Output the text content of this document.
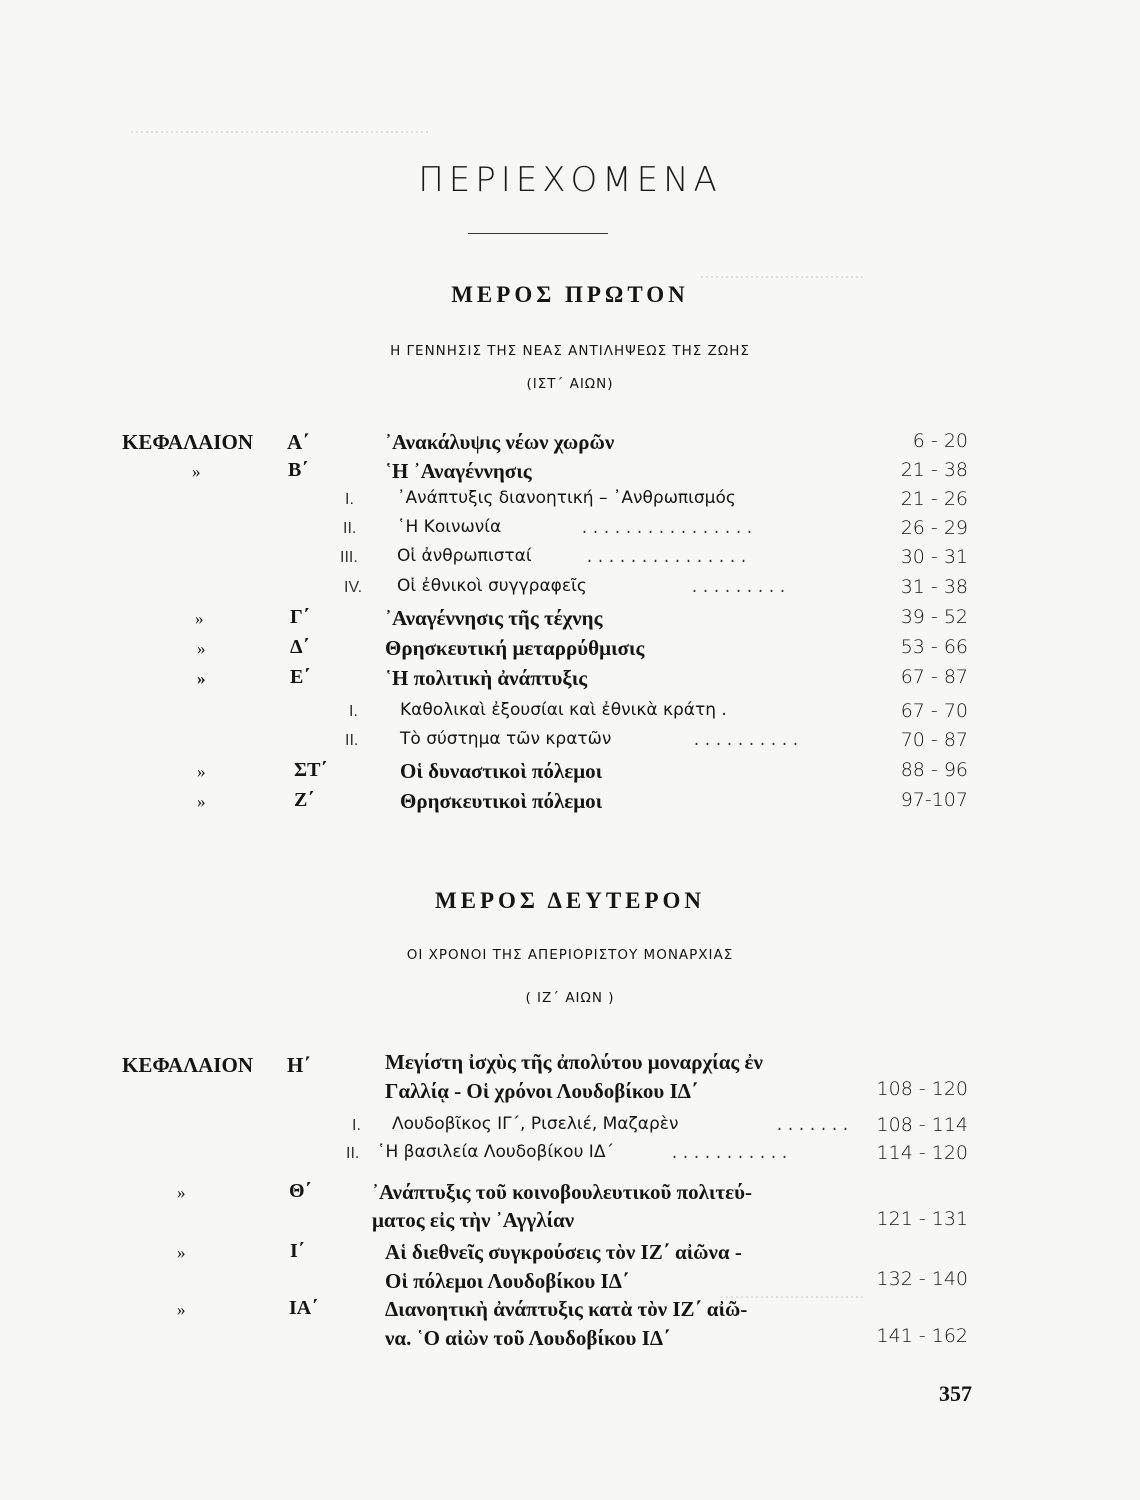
............................................................
.................................
.............................
ΠΕΡΙΕΧΟΜΕΝΑ
ΜΕΡΟΣ ΠΡΩΤΟΝ
Η ΓΕΝΝΗΣΙΣ ΤΗΣ ΝΕΑΣ ΑΝΤΙΛΗΨΕΩΣ ΤΗΣ ΖΩΗΣ
(ΙΣΤ΄ ΑΙΩΝ)
ΚΕΦΑΛΑΙΟΝ Α΄	᾿Ανακάλυψις νέων χωρῶν	6 - 20
»	Β΄	῾Η ᾿Αναγέννησις	21 - 38
Ι.	᾿Ανάπτυξις διανοητική – ᾿Ανθρωπισμός	21 - 26
ΙΙ. ῾Η Κοινωνία	................	26 - 29
ΙΙΙ. Οἱ ἀνθρωπισταί	...............	30 - 31
ΙV. Οἱ ἐθνικοὶ συγγραφεῖς	.........	31 - 38
»	Γ΄	᾿Αναγέννησις τῆς τέχνης	39 - 52
»	Δ΄	Θρησκευτική μεταρρύθμισις	53 - 66
»	Ε΄	῾Η πολιτικὴ ἀνάπτυξις	67 - 87
Ι. Καθολικαὶ ἐξουσίαι καὶ ἐθνικὰ κράτη .	67 - 70
ΙΙ. Τὸ σύστημα τῶν κρατῶν	..........	70 - 87
»	ΣΤ΄	Οἱ δυναστικοὶ πόλεμοι	88 - 96
»	Ζ΄	Θρησκευτικοὶ πόλεμοι	97-107
ΜΕΡΟΣ ΔΕΥΤΕΡΟΝ
ΟΙ ΧΡΟΝΟΙ ΤΗΣ ΑΠΕΡΙΟΡΙΣΤΟΥ ΜΟΝΑΡΧΙΑΣ
( ΙΖ΄ ΑΙΩΝ )
ΚΕΦΑΛΑΙΟΝ Η΄	Μεγίστη ἰσχὺς τῆς ἀπολύτου μοναρχίας ἐν
Γαλλίᾳ - Οἱ χρόνοι Λουδοβίκου ΙΔ΄	108 - 120
Ι. Λουδοβῖκος ΙΓ΄, Ρισελιέ, Μαζαρὲν	....... 108 - 114
ΙΙ. ῾Η βασιλεία Λουδοβίκου ΙΔ΄	...........	114 - 120
»	Θ΄	᾿Ανάπτυξις τοῦ κοινοβουλευτικοῦ πολιτεύ-
ματος εἰς τὴν ᾿Αγγλίαν	121 - 131
»	Ι΄	Αἱ διεθνεῖς συγκρούσεις τὸν ΙΖ΄ αἰῶνα -
Οἱ πόλεμοι Λουδοβίκου ΙΔ΄	132 - 140
»	ΙΑ΄	Διανοητικὴ ἀνάπτυξις κατὰ τὸν ΙΖ΄ αἰῶ-
να. ῾Ο αἰὼν τοῦ Λουδοβίκου ΙΔ΄	141 - 162
357
